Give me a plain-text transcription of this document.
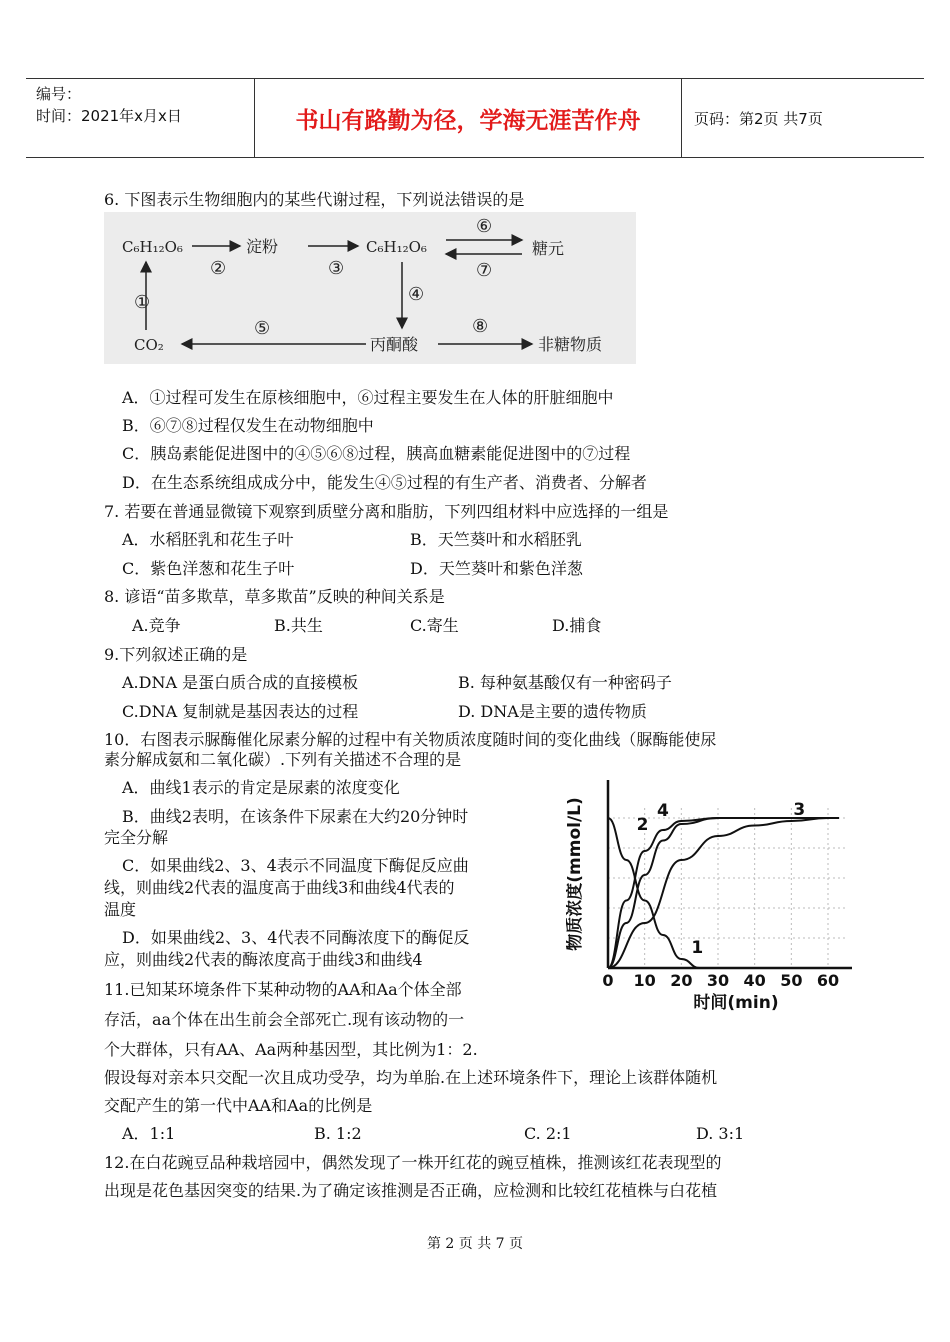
编号：
时间：2021年x月x日	书山有路勤为径，学海无涯苦作舟	页码：第2页 共7页
6. 下图表示生物细胞内的某些代谢过程，下列说法错误的是
C₆H₁₂O₆	淀粉	C₆H₁₂O₆	糖元
⑥
⑦
②	③
①	④
CO₂
⑤
丙酮酸
⑧
非糖物质
A．①过程可发生在原核细胞中，⑥过程主要发生在人体的肝脏细胞中
B．⑥⑦⑧过程仅发生在动物细胞中
C．胰岛素能促进图中的④⑤⑥⑧过程，胰高血糖素能促进图中的⑦过程
D．在生态系统组成成分中，能发生④⑤过程的有生产者、消费者、分解者
7. 若要在普通显微镜下观察到质壁分离和脂肪，下列四组材料中应选择的一组是
A．水稻胚乳和花生子叶	B．天竺葵叶和水稻胚乳
C．紫色洋葱和花生子叶	D．天竺葵叶和紫色洋葱
8. 谚语“苗多欺草，草多欺苗”反映的种间关系是
A.竞争	B.共生	C.寄生	D.捕食
9.下列叙述正确的是
A.DNA 是蛋白质合成的直接模板	B. 每种氨基酸仅有一种密码子
C.DNA 复制就是基因表达的过程	D. DNA是主要的遗传物质
10．右图表示脲酶催化尿素分解的过程中有关物质浓度随时间的变化曲线（脲酶能使尿
素分解成氨和二氧化碳）.下列有关描述不合理的是
A．曲线1表示的肯定是尿素的浓度变化
B．曲线2表明，在该条件下尿素在大约20分钟时
完全分解
C．如果曲线2、3、4表示不同温度下酶促反应曲
线，则曲线2代表的温度高于曲线3和曲线4代表的
温度
D．如果曲线2、3、4代表不同酶浓度下的酶促反
应，则曲线2代表的酶浓度高于曲线3和曲线4
物质浓度(mmol/L)
时间(min)
0 10 20 30 40 50 60
1
2
3
4
11.已知某环境条件下某种动物的AA和Aa个体全部
存活，aa个体在出生前会全部死亡.现有该动物的一
个大群体，只有AA、Aa两种基因型，其比例为1：2.
假设每对亲本只交配一次且成功受孕，均为单胎.在上述环境条件下，理论上该群体随机
交配产生的第一代中AA和Aa的比例是
A．1:1	B. 1:2	C. 2:1	D. 3:1
12.在白花豌豆品种栽培园中，偶然发现了一株开红花的豌豆植株，推测该红花表现型的
出现是花色基因突变的结果.为了确定该推测是否正确，应检测和比较红花植株与白花植
第 2 页 共 7 页
